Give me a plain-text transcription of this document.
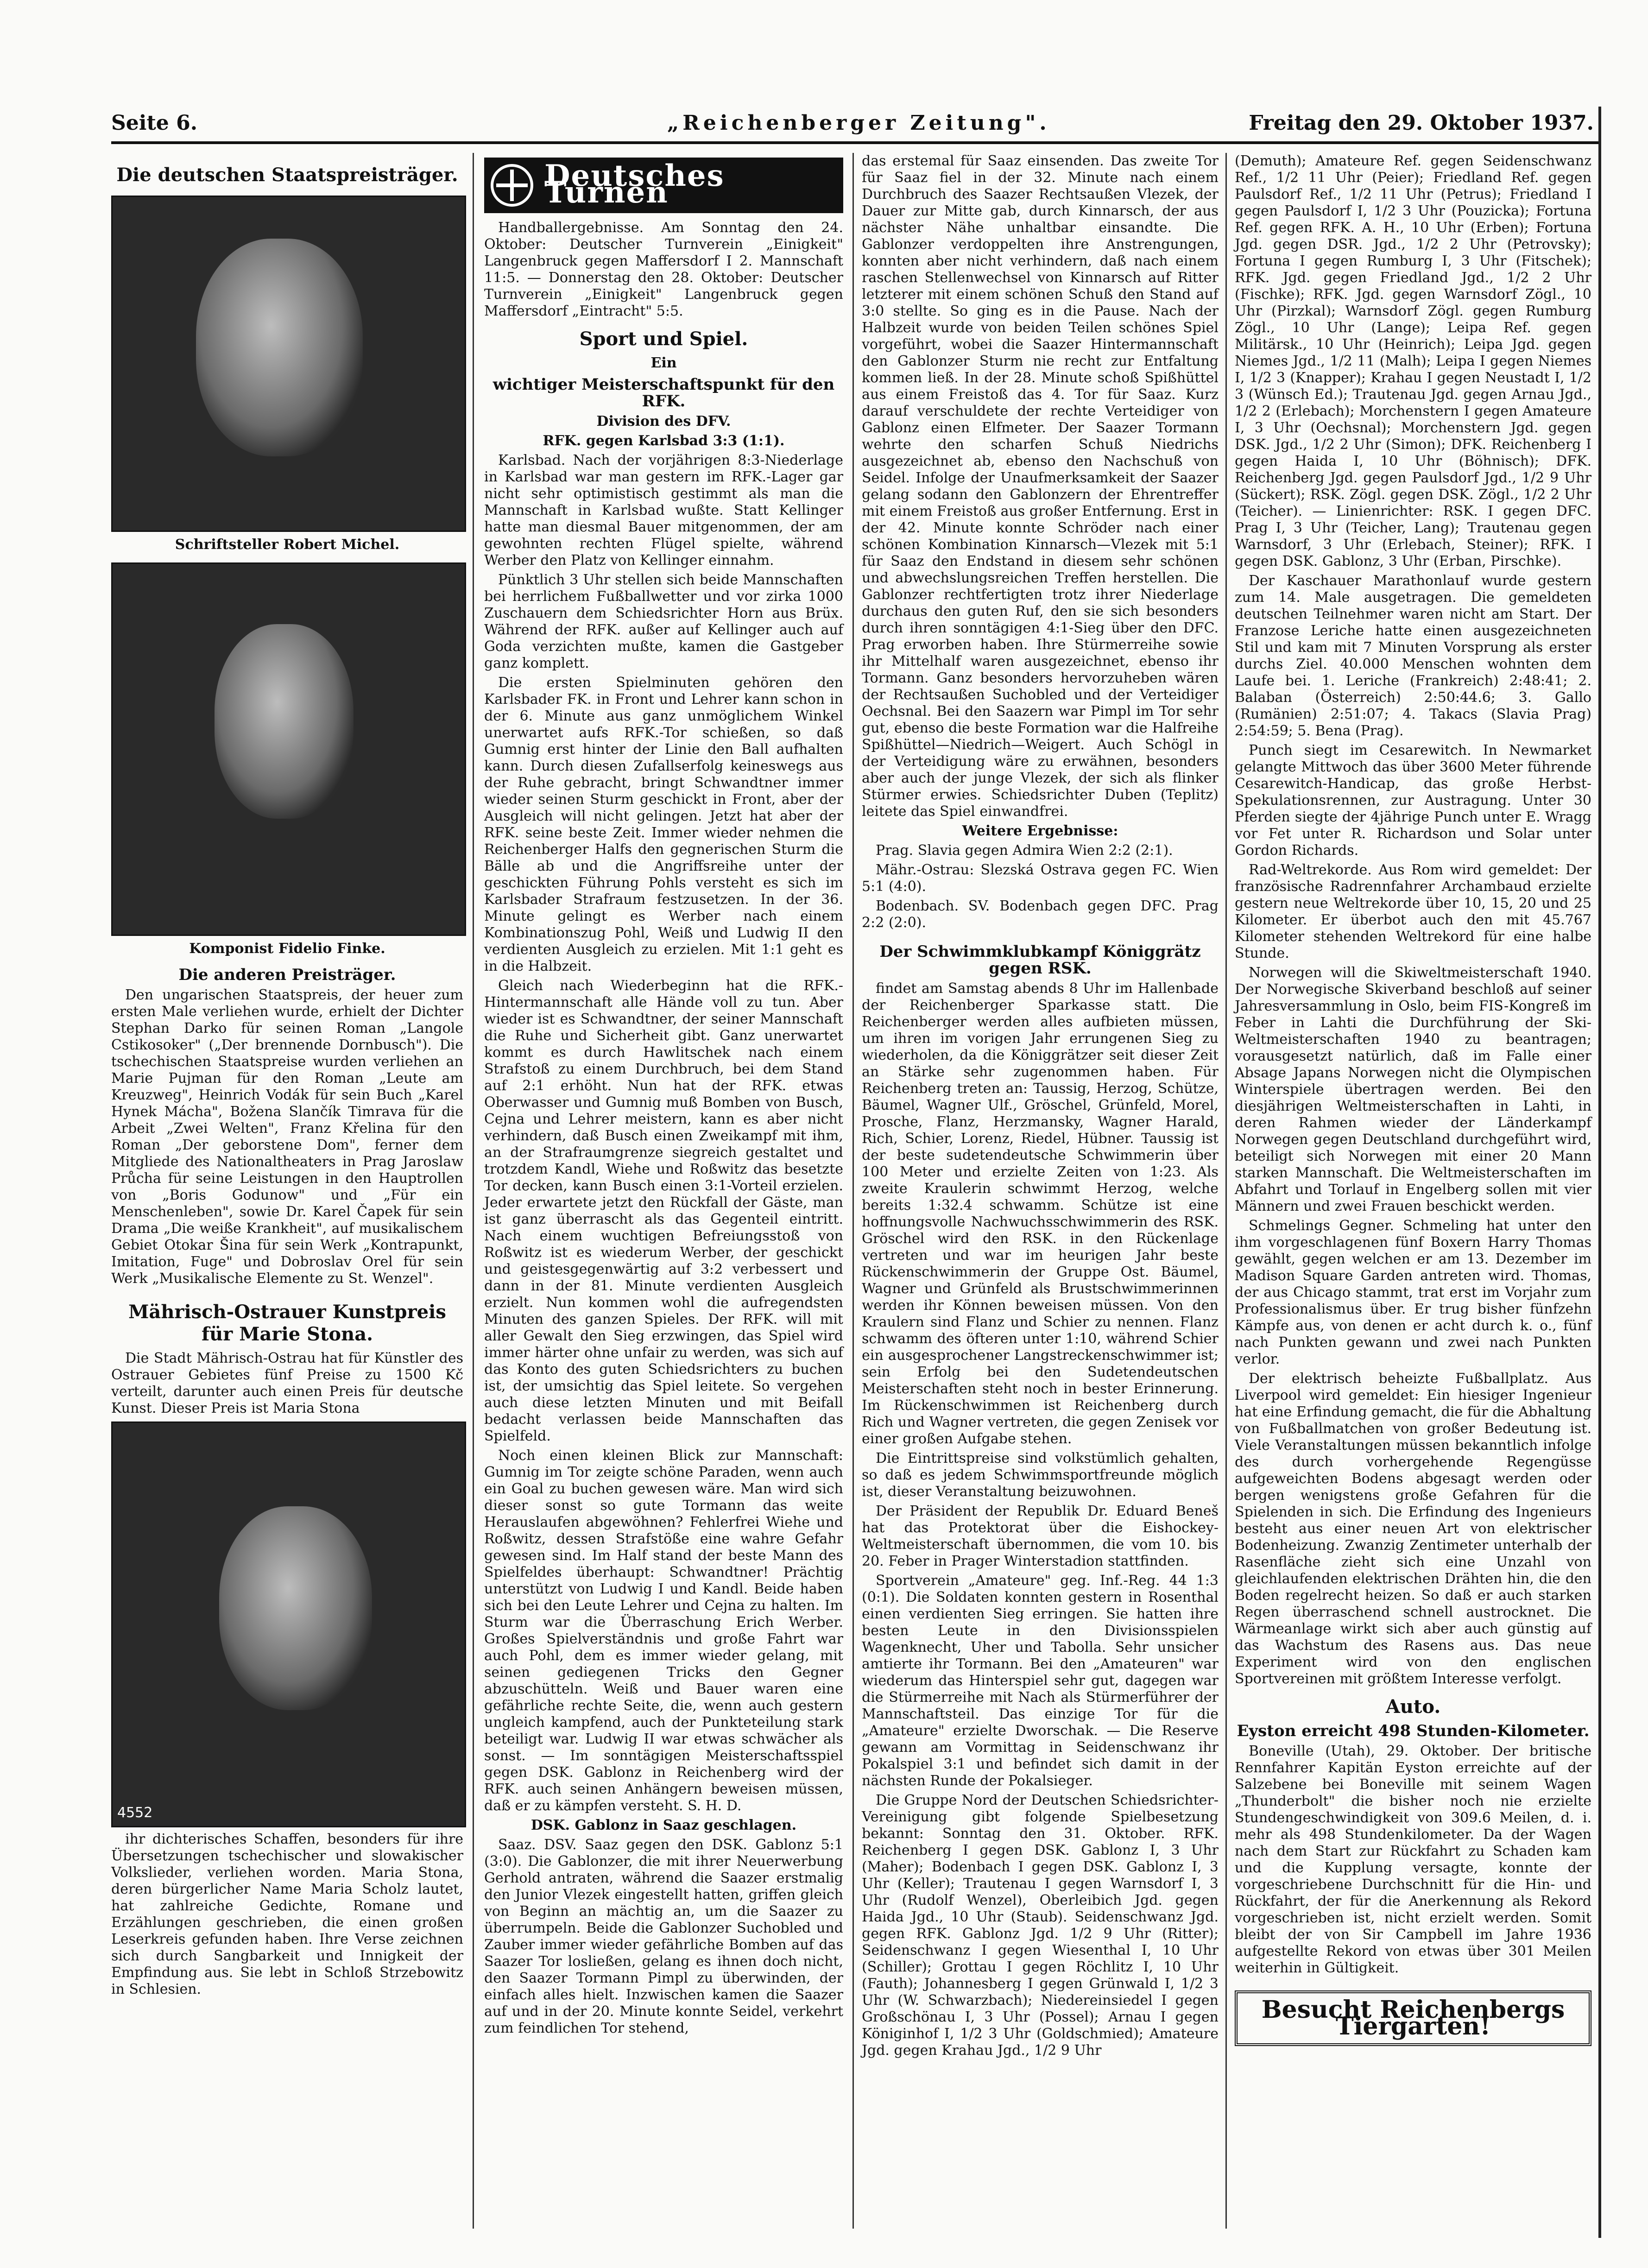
Seite 6.	„Reichenberger Zeitung".	Freitag den 29. Oktober 1937.
Die deutschen Staatspreisträger.
Schriftsteller Robert Michel.
Komponist Fidelio Finke.
Die anderen Preisträger.

Den ungarischen Staatspreis, der heuer zum ersten Male verliehen wurde, erhielt der Dichter Stephan Darko für seinen Roman „Langole Cstikosoker" („Der brennende Dornbusch"). Die tschechischen Staatspreise wurden verliehen an Marie Pujman für den Roman „Leute am Kreuzweg", Heinrich Vodák für sein Buch „Karel Hynek Mácha", Božena Slančík Timrava für die Arbeit „Zwei Welten", Franz Křelina für den Roman „Der geborstene Dom", ferner dem Mitgliede des Nationaltheaters in Prag Jaroslaw Průcha für seine Leistungen in den Hauptrollen von „Boris Godunow" und „Für ein Menschenleben", sowie Dr. Karel Čapek für sein Drama „Die weiße Krankheit", auf musikalischem Gebiet Otokar Šina für sein Werk „Kontrapunkt, Imitation, Fuge" und Dobroslav Orel für sein Werk „Musikalische Elemente zu St. Wenzel".

Mährisch-Ostrauer Kunstpreis für Marie Stona.

Die Stadt Mährisch-Ostrau hat für Künstler des Ostrauer Gebietes fünf Preise zu 1500 Kč verteilt, darunter auch einen Preis für deutsche Kunst. Dieser Preis ist Maria Stona

4552

ihr dichterisches Schaffen, besonders für ihre Übersetzungen tschechischer und slowakischer Volkslieder, verliehen worden. Maria Stona, deren bürgerlicher Name Maria Scholz lautet, hat zahlreiche Gedichte, Romane und Erzählungen geschrieben, die einen großen Leserkreis gefunden haben. Ihre Verse zeichnen sich durch Sangbarkeit und Innigkeit der Empfindung aus. Sie lebt in Schloß Strzebowitz in Schlesien.

Deutsches Turnen

Handballergebnisse. Am Sonntag den 24. Oktober: Deutscher Turnverein „Einigkeit" Langenbruck gegen Maffersdorf I 2. Mannschaft 11:5. — Donnerstag den 28. Oktober: Deutscher Turnverein „Einigkeit" Langenbruck gegen Maffersdorf „Eintracht" 5:5.

Sport und Spiel.
Ein
wichtiger Meisterschaftspunkt für den RFK.
Division des DFV.
RFK. gegen Karlsbad 3:3 (1:1).

Karlsbad. Nach der vorjährigen 8:3-Niederlage in Karlsbad war man gestern im RFK.-Lager gar nicht sehr optimistisch gestimmt als man die Mannschaft in Karlsbad wußte. Statt Kellinger hatte man diesmal Bauer mitgenommen, der am gewohnten rechten Flügel spielte, während Werber den Platz von Kellinger einnahm.

Pünktlich 3 Uhr stellen sich beide Mannschaften bei herrlichem Fußballwetter und vor zirka 1000 Zuschauern dem Schiedsrichter Horn aus Brüx. Während der RFK. außer auf Kellinger auch auf Goda verzichten mußte, kamen die Gastgeber ganz komplett.

Die ersten Spielminuten gehören den Karlsbader FK. in Front und Lehrer kann schon in der 6. Minute aus ganz unmöglichem Winkel unerwartet aufs RFK.-Tor schießen, so daß Gumnig erst hinter der Linie den Ball aufhalten kann. Durch diesen Zufallserfolg keineswegs aus der Ruhe gebracht, bringt Schwandtner immer wieder seinen Sturm geschickt in Front, aber der Ausgleich will nicht gelingen. Jetzt hat aber der RFK. seine beste Zeit. Immer wieder nehmen die Reichenberger Halfs den gegnerischen Sturm die Bälle ab und die Angriffsreihe unter der geschickten Führung Pohls versteht es sich im Karlsbader Strafraum festzusetzen. In der 36. Minute gelingt es Werber nach einem Kombinationszug Pohl, Weiß und Ludwig II den verdienten Ausgleich zu erzielen. Mit 1:1 geht es in die Halbzeit.

Gleich nach Wiederbeginn hat die RFK.-Hintermannschaft alle Hände voll zu tun. Aber wieder ist es Schwandtner, der seiner Mannschaft die Ruhe und Sicherheit gibt. Ganz unerwartet kommt es durch Hawlitschek nach einem Strafstoß zu einem Durchbruch, bei dem Stand auf 2:1 erhöht. Nun hat der RFK. etwas Oberwasser und Gumnig muß Bomben von Busch, Cejna und Lehrer meistern, kann es aber nicht verhindern, daß Busch einen Zweikampf mit ihm, an der Strafraumgrenze siegreich gestaltet und trotzdem Kandl, Wiehe und Roßwitz das besetzte Tor decken, kann Busch einen 3:1-Vorteil erzielen. Jeder erwartete jetzt den Rückfall der Gäste, man ist ganz überrascht als das Gegenteil eintritt. Nach einem wuchtigen Befreiungsstoß von Roßwitz ist es wiederum Werber, der geschickt und geistesgegenwärtig auf 3:2 verbessert und dann in der 81. Minute verdienten Ausgleich erzielt. Nun kommen wohl die aufregendsten Minuten des ganzen Spieles. Der RFK. will mit aller Gewalt den Sieg erzwingen, das Spiel wird immer härter ohne unfair zu werden, was sich auf das Konto des guten Schiedsrichters zu buchen ist, der umsichtig das Spiel leitete. So vergehen auch diese letzten Minuten und mit Beifall bedacht verlassen beide Mannschaften das Spielfeld.

Noch einen kleinen Blick zur Mannschaft: Gumnig im Tor zeigte schöne Paraden, wenn auch ein Goal zu buchen gewesen wäre. Man wird sich dieser sonst so gute Tormann das weite Herauslaufen abgewöhnen? Fehlerfrei Wiehe und Roßwitz, dessen Strafstöße eine wahre Gefahr gewesen sind. Im Half stand der beste Mann des Spielfeldes überhaupt: Schwandtner! Prächtig unterstützt von Ludwig I und Kandl. Beide haben sich bei den Leute Lehrer und Cejna zu halten. Im Sturm war die Überraschung Erich Werber. Großes Spielverständnis und große Fahrt war auch Pohl, dem es immer wieder gelang, mit seinen gediegenen Tricks den Gegner abzuschütteln. Weiß und Bauer waren eine gefährliche rechte Seite, die, wenn auch gestern ungleich kampfend, auch der Punkteteilung stark beteiligt war. Ludwig II war etwas schwächer als sonst. — Im sonntägigen Meisterschaftsspiel gegen DSK. Gablonz in Reichenberg wird der RFK. auch seinen Anhängern beweisen müssen, daß er zu kämpfen versteht. S. H. D.

DSK. Gablonz in Saaz geschlagen.

Saaz. DSV. Saaz gegen den DSK. Gablonz 5:1 (3:0). Die Gablonzer, die mit ihrer Neuerwerbung Gerhold antraten, während die Saazer erstmalig den Junior Vlezek eingestellt hatten, griffen gleich von Beginn an mächtig an, um die Saazer zu überrumpeln. Beide die Gablonzer Suchobled und Zauber immer wieder gefährliche Bomben auf das Saazer Tor losließen, gelang es ihnen doch nicht, den Saazer Tormann Pimpl zu überwinden, der einfach alles hielt. Inzwischen kamen die Saazer auf und in der 20. Minute konnte Seidel, verkehrt zum feindlichen Tor stehend,

das erstemal für Saaz einsenden. Das zweite Tor für Saaz fiel in der 32. Minute nach einem Durchbruch des Saazer Rechtsaußen Vlezek, der Dauer zur Mitte gab, durch Kinnarsch, der aus nächster Nähe unhaltbar einsandte. Die Gablonzer verdoppelten ihre Anstrengungen, konnten aber nicht verhindern, daß nach einem raschen Stellenwechsel von Kinnarsch auf Ritter letzterer mit einem schönen Schuß den Stand auf 3:0 stellte. So ging es in die Pause. Nach der Halbzeit wurde von beiden Teilen schönes Spiel vorgeführt, wobei die Saazer Hintermannschaft den Gablonzer Sturm nie recht zur Entfaltung kommen ließ. In der 28. Minute schoß Spißhüttel aus einem Freistoß das 4. Tor für Saaz. Kurz darauf verschuldete der rechte Verteidiger von Gablonz einen Elfmeter. Der Saazer Tormann wehrte den scharfen Schuß Niedrichs ausgezeichnet ab, ebenso den Nachschuß von Seidel. Infolge der Unaufmerksamkeit der Saazer gelang sodann den Gablonzern der Ehrentreffer mit einem Freistoß aus großer Entfernung. Erst in der 42. Minute konnte Schröder nach einer schönen Kombination Kinnarsch—Vlezek mit 5:1 für Saaz den Endstand in diesem sehr schönen und abwechslungsreichen Treffen herstellen. Die Gablonzer rechtfertigten trotz ihrer Niederlage durchaus den guten Ruf, den sie sich besonders durch ihren sonntägigen 4:1-Sieg über den DFC. Prag erworben haben. Ihre Stürmerreihe sowie ihr Mittelhalf waren ausgezeichnet, ebenso ihr Tormann. Ganz besonders hervorzuheben wären der Rechtsaußen Suchobled und der Verteidiger Oechsnal. Bei den Saazern war Pimpl im Tor sehr gut, ebenso die beste Formation war die Halfreihe Spißhüttel—Niedrich—Weigert. Auch Schögl in der Verteidigung wäre zu erwähnen, besonders aber auch der junge Vlezek, der sich als flinker Stürmer erwies. Schiedsrichter Duben (Teplitz) leitete das Spiel einwandfrei.

Weitere Ergebnisse:

Prag. Slavia gegen Admira Wien 2:2 (2:1).

Mähr.-Ostrau: Slezská Ostrava gegen FC. Wien 5:1 (4:0).

Bodenbach. SV. Bodenbach gegen DFC. Prag 2:2 (2:0).

Der Schwimmklubkampf Königgrätz gegen RSK.

findet am Samstag abends 8 Uhr im Hallenbade der Reichenberger Sparkasse statt. Die Reichenberger werden alles aufbieten müssen, um ihren im vorigen Jahr errungenen Sieg zu wiederholen, da die Königgrätzer seit dieser Zeit an Stärke sehr zugenommen haben. Für Reichenberg treten an: Taussig, Herzog, Schütze, Bäumel, Wagner Ulf., Gröschel, Grünfeld, Morel, Prosche, Flanz, Herzmansky, Wagner Harald, Rich, Schier, Lorenz, Riedel, Hübner. Taussig ist der beste sudetendeutsche Schwimmerin über 100 Meter und erzielte Zeiten von 1:23. Als zweite Kraulerin schwimmt Herzog, welche bereits 1:32.4 schwamm. Schütze ist eine hoffnungsvolle Nachwuchsschwimmerin des RSK. Gröschel wird den RSK. in den Rückenlage vertreten und war im heurigen Jahr beste Rückenschwimmerin der Gruppe Ost. Bäumel, Wagner und Grünfeld als Brustschwimmerinnen werden ihr Können beweisen müssen. Von den Kraulern sind Flanz und Schier zu nennen. Flanz schwamm des öfteren unter 1:10, während Schier ein ausgesprochener Langstreckenschwimmer ist; sein Erfolg bei den Sudetendeutschen Meisterschaften steht noch in bester Erinnerung. Im Rückenschwimmen ist Reichenberg durch Rich und Wagner vertreten, die gegen Zenisek vor einer großen Aufgabe stehen.

Die Eintrittspreise sind volkstümlich gehalten, so daß es jedem Schwimmsportfreunde möglich ist, dieser Veranstaltung beizuwohnen.

Der Präsident der Republik Dr. Eduard Beneš hat das Protektorat über die Eishockey-Weltmeisterschaft übernommen, die vom 10. bis 20. Feber in Prager Winterstadion stattfinden.

Sportverein „Amateure" geg. Inf.-Reg. 44 1:3 (0:1). Die Soldaten konnten gestern in Rosenthal einen verdienten Sieg erringen. Sie hatten ihre besten Leute in den Divisionsspielen Wagenknecht, Uher und Tabolla. Sehr unsicher amtierte ihr Tormann. Bei den „Amateuren" war wiederum das Hinterspiel sehr gut, dagegen war die Stürmerreihe mit Nach als Stürmerführer der Mannschaftsteil. Das einzige Tor für die „Amateure" erzielte Dworschak. — Die Reserve gewann am Vormittag in Seidenschwanz ihr Pokalspiel 3:1 und befindet sich damit in der nächsten Runde der Pokalsieger.

Die Gruppe Nord der Deutschen Schiedsrichter-Vereinigung gibt folgende Spielbesetzung bekannt: Sonntag den 31. Oktober. RFK. Reichenberg I gegen DSK. Gablonz I, 3 Uhr (Maher); Bodenbach I gegen DSK. Gablonz I, 3 Uhr (Keller); Trautenau I gegen Warnsdorf I, 3 Uhr (Rudolf Wenzel), Oberleibich Jgd. gegen Haida Jgd., 10 Uhr (Staub). Seidenschwanz Jgd. gegen RFK. Gablonz Jgd. 1/2 9 Uhr (Ritter); Seidenschwanz I gegen Wiesenthal I, 10 Uhr (Schiller); Grottau I gegen Röchlitz I, 10 Uhr (Fauth); Johannesberg I gegen Grünwald I, 1/2 3 Uhr (W. Schwarzbach); Niedereinsiedel I gegen Großschönau I, 3 Uhr (Possel); Arnau I gegen Königinhof I, 1/2 3 Uhr (Goldschmied); Amateure Jgd. gegen Krahau Jgd., 1/2 9 Uhr

(Demuth); Amateure Ref. gegen Seidenschwanz Ref., 1/2 11 Uhr (Peier); Friedland Ref. gegen Paulsdorf Ref., 1/2 11 Uhr (Petrus); Friedland I gegen Paulsdorf I, 1/2 3 Uhr (Pouzicka); Fortuna Ref. gegen RFK. A. H., 10 Uhr (Erben); Fortuna Jgd. gegen DSR. Jgd., 1/2 2 Uhr (Petrovsky); Fortuna I gegen Rumburg I, 3 Uhr (Fitschek); RFK. Jgd. gegen Friedland Jgd., 1/2 2 Uhr (Fischke); RFK. Jgd. gegen Warnsdorf Zögl., 10 Uhr (Pirzkal); Warnsdorf Zögl. gegen Rumburg Zögl., 10 Uhr (Lange); Leipa Ref. gegen Militärsk., 10 Uhr (Heinrich); Leipa Jgd. gegen Niemes Jgd., 1/2 11 (Malh); Leipa I gegen Niemes I, 1/2 3 (Knapper); Krahau I gegen Neustadt I, 1/2 3 (Wünsch Ed.); Trautenau Jgd. gegen Arnau Jgd., 1/2 2 (Erlebach); Morchenstern I gegen Amateure I, 3 Uhr (Oechsnal); Morchenstern Jgd. gegen DSK. Jgd., 1/2 2 Uhr (Simon); DFK. Reichenberg I gegen Haida I, 10 Uhr (Böhnisch); DFK. Reichenberg Jgd. gegen Paulsdorf Jgd., 1/2 9 Uhr (Sückert); RSK. Zögl. gegen DSK. Zögl., 1/2 2 Uhr (Teicher). — Linienrichter: RSK. I gegen DFC. Prag I, 3 Uhr (Teicher, Lang); Trautenau gegen Warnsdorf, 3 Uhr (Erlebach, Steiner); RFK. I gegen DSK. Gablonz, 3 Uhr (Erban, Pirschke).

Der Kaschauer Marathonlauf wurde gestern zum 14. Male ausgetragen. Die gemeldeten deutschen Teilnehmer waren nicht am Start. Der Franzose Leriche hatte einen ausgezeichneten Stil und kam mit 7 Minuten Vorsprung als erster durchs Ziel. 40.000 Menschen wohnten dem Laufe bei. 1. Leriche (Frankreich) 2:48:41; 2. Balaban (Österreich) 2:50:44.6; 3. Gallo (Rumänien) 2:51:07; 4. Takacs (Slavia Prag) 2:54:59; 5. Bena (Prag).

Punch siegt im Cesarewitch. In Newmarket gelangte Mittwoch das über 3600 Meter führende Cesarewitch-Handicap, das große Herbst-Spekulationsrennen, zur Austragung. Unter 30 Pferden siegte der 4jährige Punch unter E. Wragg vor Fet unter R. Richardson und Solar unter Gordon Richards.

Rad-Weltrekorde. Aus Rom wird gemeldet: Der französische Radrennfahrer Archambaud erzielte gestern neue Weltrekorde über 10, 15, 20 und 25 Kilometer. Er überbot auch den mit 45.767 Kilometer stehenden Weltrekord für eine halbe Stunde.

Norwegen will die Skiweltmeisterschaft 1940. Der Norwegische Skiverband beschloß auf seiner Jahresversammlung in Oslo, beim FIS-Kongreß im Feber in Lahti die Durchführung der Ski-Weltmeisterschaften 1940 zu beantragen; vorausgesetzt natürlich, daß im Falle einer Absage Japans Norwegen nicht die Olympischen Winterspiele übertragen werden. Bei den diesjährigen Weltmeisterschaften in Lahti, in deren Rahmen wieder der Länderkampf Norwegen gegen Deutschland durchgeführt wird, beteiligt sich Norwegen mit einer 20 Mann starken Mannschaft. Die Weltmeisterschaften im Abfahrt und Torlauf in Engelberg sollen mit vier Männern und zwei Frauen beschickt werden.

Schmelings Gegner. Schmeling hat unter den ihm vorgeschlagenen fünf Boxern Harry Thomas gewählt, gegen welchen er am 13. Dezember im Madison Square Garden antreten wird. Thomas, der aus Chicago stammt, trat erst im Vorjahr zum Professionalismus über. Er trug bisher fünfzehn Kämpfe aus, von denen er acht durch k. o., fünf nach Punkten gewann und zwei nach Punkten verlor.

Der elektrisch beheizte Fußballplatz. Aus Liverpool wird gemeldet: Ein hiesiger Ingenieur hat eine Erfindung gemacht, die für die Abhaltung von Fußballmatchen von großer Bedeutung ist. Viele Veranstaltungen müssen bekanntlich infolge des durch vorhergehende Regengüsse aufgeweichten Bodens abgesagt werden oder bergen wenigstens große Gefahren für die Spielenden in sich. Die Erfindung des Ingenieurs besteht aus einer neuen Art von elektrischer Bodenheizung. Zwanzig Zentimeter unterhalb der Rasenfläche zieht sich eine Unzahl von gleichlaufenden elektrischen Drähten hin, die den Boden regelrecht heizen. So daß er auch starken Regen überraschend schnell austrocknet. Die Wärmeanlage wirkt sich aber auch günstig auf das Wachstum des Rasens aus. Das neue Experiment wird von den englischen Sportvereinen mit größtem Interesse verfolgt.

Auto.
Eyston erreicht 498 Stunden-Kilometer.

Boneville (Utah), 29. Oktober. Der britische Rennfahrer Kapitän Eyston erreichte auf der Salzebene bei Boneville mit seinem Wagen „Thunderbolt" die bisher noch nie erzielte Stundengeschwindigkeit von 309.6 Meilen, d. i. mehr als 498 Stundenkilometer. Da der Wagen nach dem Start zur Rückfahrt zu Schaden kam und die Kupplung versagte, konnte der vorgeschriebene Durchschnitt für die Hin- und Rückfahrt, der für die Anerkennung als Rekord vorgeschrieben ist, nicht erzielt werden. Somit bleibt der von Sir Campbell im Jahre 1936 aufgestellte Rekord von etwas über 301 Meilen weiterhin in Gültigkeit.

Besucht Reichenbergs Tiergarten!
